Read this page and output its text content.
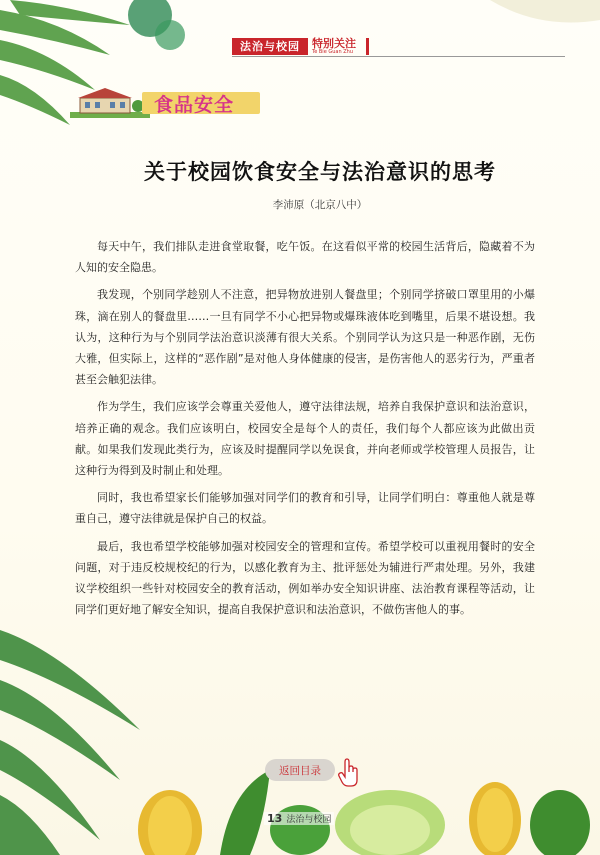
法治与校园	特别关注
Te Bie Guan Zhu
食品安全
关于校园饮食安全与法治意识的思考
李沛原（北京八中）

每天中午，我们排队走进食堂取餐，吃午饭。在这看似平常的校园生活背后，隐藏着不为人知的安全隐患。

我发现，个别同学趁别人不注意，把异物放进别人餐盘里；个别同学挤破口罩里用的小爆珠，滴在别人的餐盘里……一旦有同学不小心把异物或爆珠液体吃到嘴里，后果不堪设想。我认为，这种行为与个别同学法治意识淡薄有很大关系。个别同学认为这只是一种恶作剧，无伤大雅，但实际上，这样的“恶作剧”是对他人身体健康的侵害，是伤害他人的恶劣行为，严重者甚至会触犯法律。

作为学生，我们应该学会尊重关爱他人，遵守法律法规，培养自我保护意识和法治意识，培养正确的观念。我们应该明白，校园安全是每个人的责任，我们每个人都应该为此做出贡献。如果我们发现此类行为，应该及时提醒同学以免误食，并向老师或学校管理人员报告，让这种行为得到及时制止和处理。

同时，我也希望家长们能够加强对同学们的教育和引导，让同学们明白：尊重他人就是尊重自己，遵守法律就是保护自己的权益。

最后，我也希望学校能够加强对校园安全的管理和宣传。希望学校可以重视用餐时的安全问题，对于违反校规校纪的行为，以感化教育为主、批评惩处为辅进行严肃处理。另外，我建议学校组织一些针对校园安全的教育活动，例如举办安全知识讲座、法治教育课程等活动，让同学们更好地了解安全知识，提高自我保护意识和法治意识，不做伤害他人的事。

返回目录
13 法治与校园
